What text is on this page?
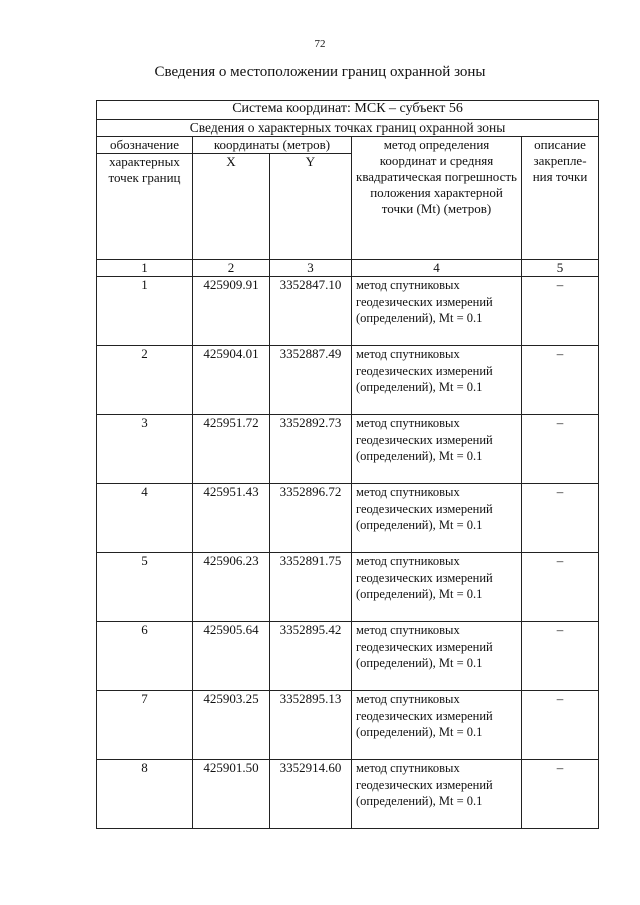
72
Сведения о местоположении границ охранной зоны
Система координат: МСК – субъект 56				
Сведения о характерных точках границ охранной зоны				
обозначение	координаты (метров)		метод определения координат и средняя квадратическая погрешность положения характерной точки (Mt) (метров)	описание закрепле-ния точки
характерных точек границ	X	Y		
1	2	3	4	5
1	425909.91	3352847.10	метод спутниковых геодезических измерений (определений), Mt = 0.1	–
2	425904.01	3352887.49	метод спутниковых геодезических измерений (определений), Mt = 0.1	–
3	425951.72	3352892.73	метод спутниковых геодезических измерений (определений), Mt = 0.1	–
4	425951.43	3352896.72	метод спутниковых геодезических измерений (определений), Mt = 0.1	–
5	425906.23	3352891.75	метод спутниковых геодезических измерений (определений), Mt = 0.1	–
6	425905.64	3352895.42	метод спутниковых геодезических измерений (определений), Mt = 0.1	–
7	425903.25	3352895.13	метод спутниковых геодезических измерений (определений), Mt = 0.1	–
8	425901.50	3352914.60	метод спутниковых геодезических измерений (определений), Mt = 0.1	–
